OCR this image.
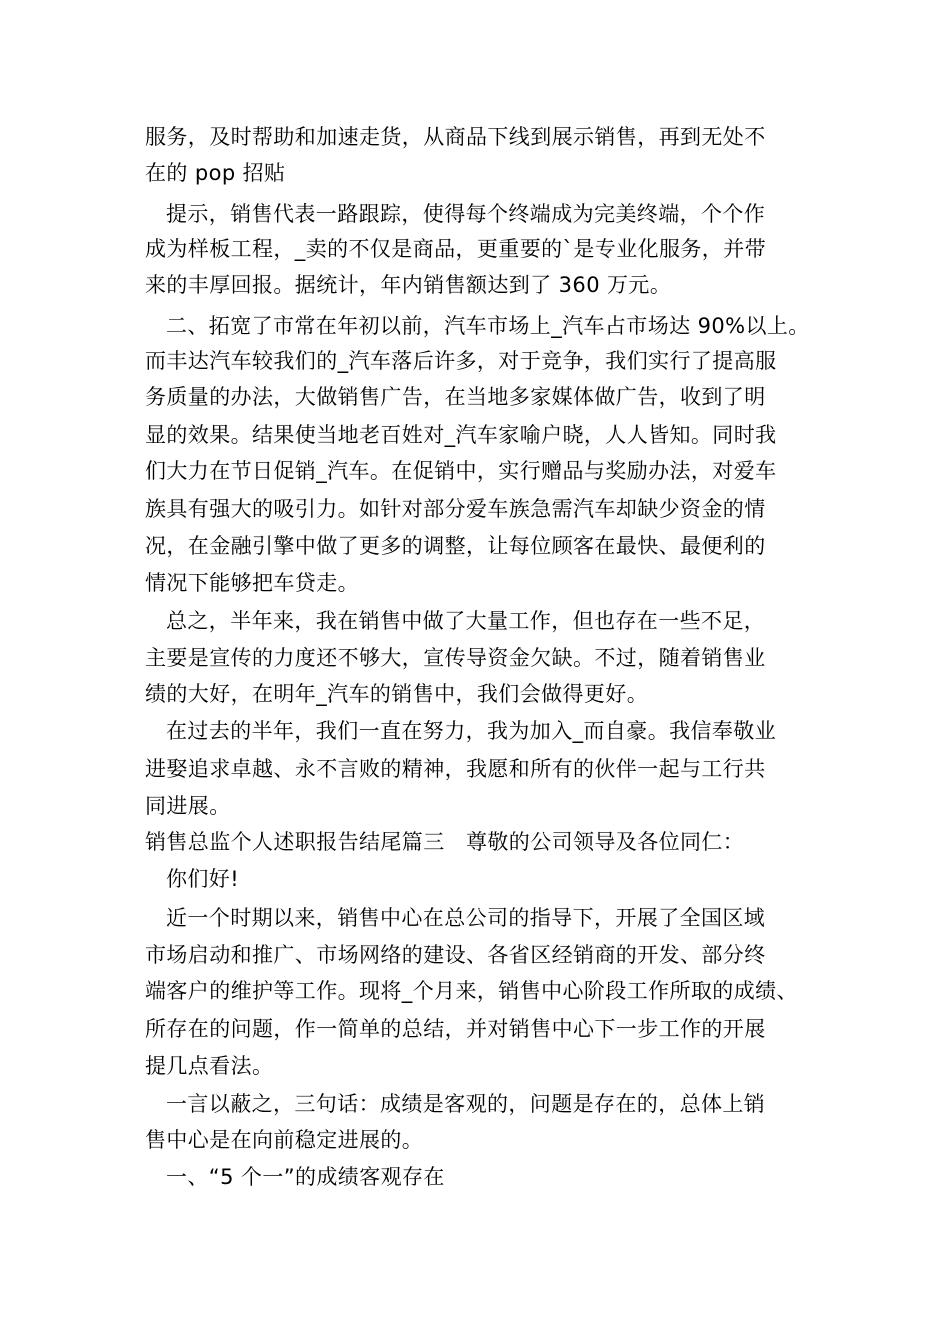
服务，及时帮助和加速走货，从商品下线到展示销售，再到无处不
在的 pop 招贴
提示，销售代表一路跟踪，使得每个终端成为完美终端，个个作
成为样板工程，_卖的不仅是商品，更重要的`是专业化服务，并带
来的丰厚回报。据统计，年内销售额达到了 360 万元。
二、拓宽了市常在年初以前，汽车市场上_汽车占市场达 90%以上。
而丰达汽车较我们的_汽车落后许多，对于竞争，我们实行了提高服
务质量的办法，大做销售广告，在当地多家媒体做广告，收到了明
显的效果。结果使当地老百姓对_汽车家喻户晓，人人皆知。同时我
们大力在节日促销_汽车。在促销中，实行赠品与奖励办法，对爱车
族具有强大的吸引力。如针对部分爱车族急需汽车却缺少资金的情
况，在金融引擎中做了更多的调整，让每位顾客在最快、最便利的
情况下能够把车贷走。
总之，半年来，我在销售中做了大量工作，但也存在一些不足，
主要是宣传的力度还不够大，宣传导资金欠缺。不过，随着销售业
绩的大好，在明年_汽车的销售中，我们会做得更好。
在过去的半年，我们一直在努力，我为加入_而自豪。我信奉敬业
进娶追求卓越、永不言败的精神，我愿和所有的伙伴一起与工行共
同进展。
销售总监个人述职报告结尾篇三　尊敬的公司领导及各位同仁：
你们好!
近一个时期以来，销售中心在总公司的指导下，开展了全国区域
市场启动和推广、市场网络的建设、各省区经销商的开发、部分终
端客户的维护等工作。现将_个月来，销售中心阶段工作所取的成绩、
所存在的问题，作一简单的总结，并对销售中心下一步工作的开展
提几点看法。
一言以蔽之，三句话：成绩是客观的，问题是存在的，总体上销
售中心是在向前稳定进展的。
一、“5 个一”的成绩客观存在
